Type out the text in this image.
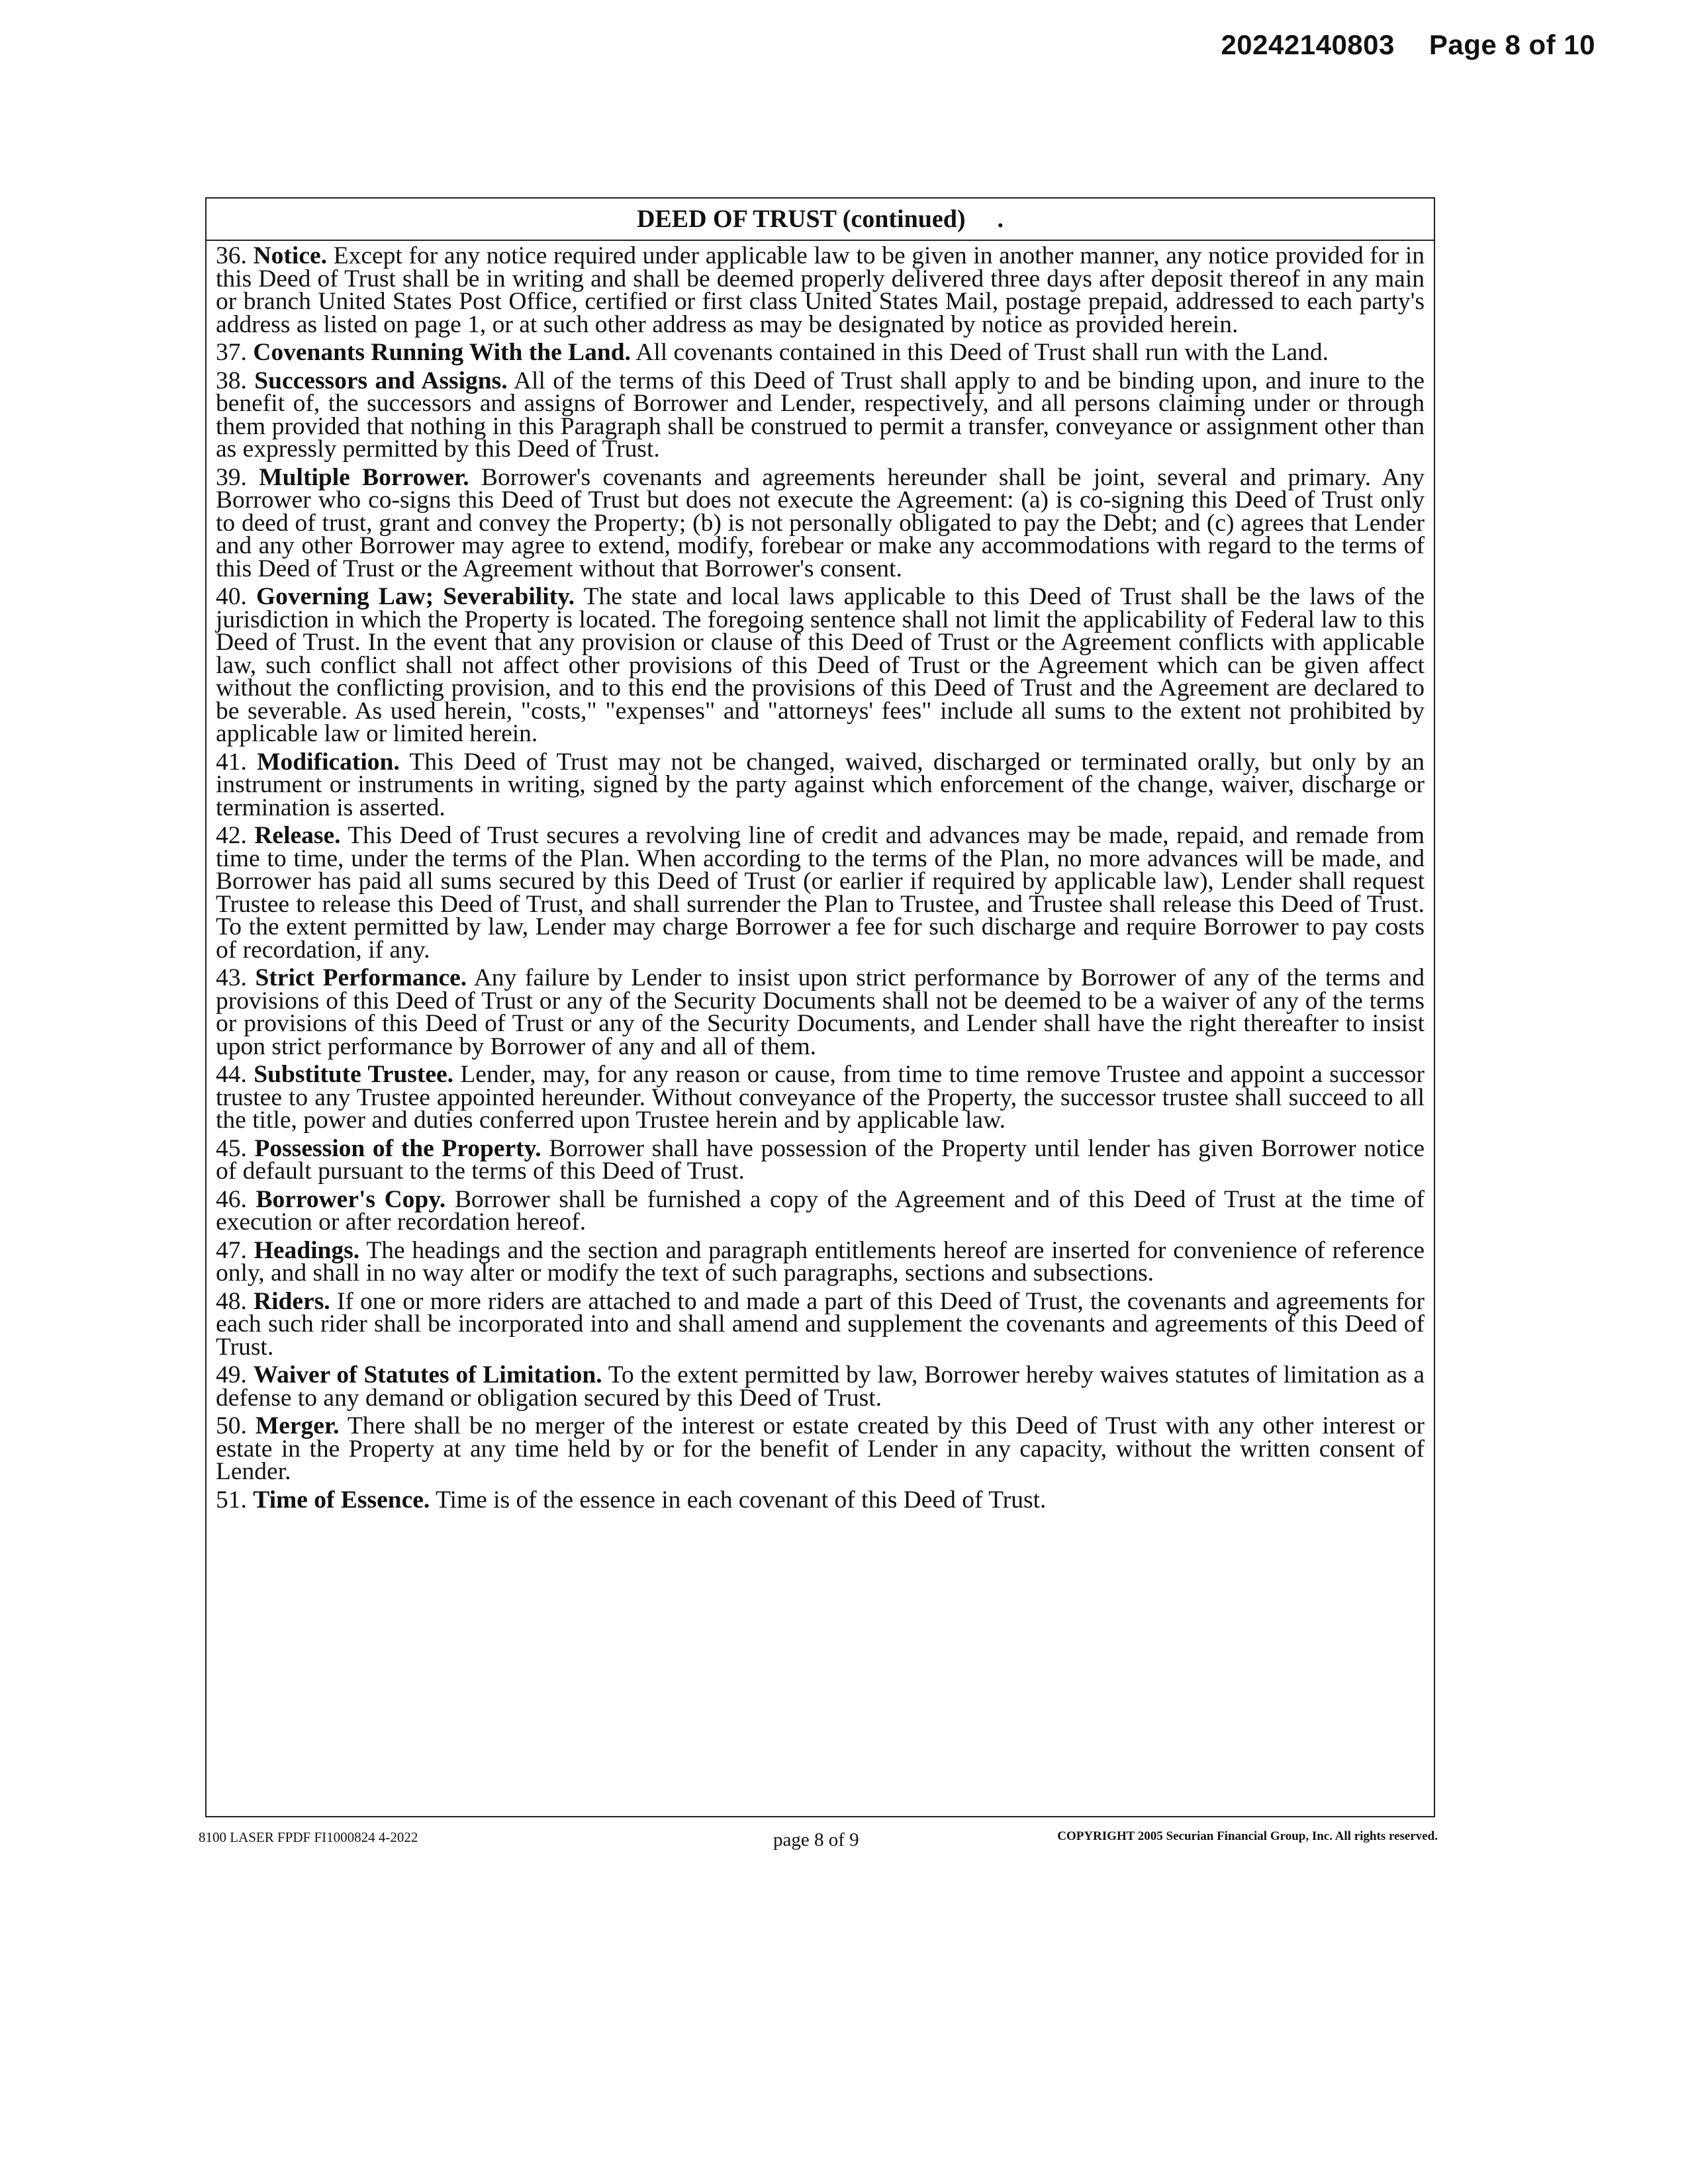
20242140803 Page 8 of 10
DEED OF TRUST (continued) .

36. Notice. Except for any notice required under applicable law to be given in another manner, any notice provided for in this Deed of Trust shall be in writing and shall be deemed properly delivered three days after deposit thereof in any main or branch United States Post Office, certified or first class United States Mail, postage prepaid, addressed to each party's address as listed on page 1, or at such other address as may be designated by notice as provided herein.

37. Covenants Running With the Land. All covenants contained in this Deed of Trust shall run with the Land.

38. Successors and Assigns. All of the terms of this Deed of Trust shall apply to and be binding upon, and inure to the benefit of, the successors and assigns of Borrower and Lender, respectively, and all persons claiming under or through them provided that nothing in this Paragraph shall be construed to permit a transfer, conveyance or assignment other than as expressly permitted by this Deed of Trust.

39. Multiple Borrower. Borrower's covenants and agreements hereunder shall be joint, several and primary. Any Borrower who co-signs this Deed of Trust but does not execute the Agreement: (a) is co-signing this Deed of Trust only to deed of trust, grant and convey the Property; (b) is not personally obligated to pay the Debt; and (c) agrees that Lender and any other Borrower may agree to extend, modify, forebear or make any accommodations with regard to the terms of this Deed of Trust or the Agreement without that Borrower's consent.

40. Governing Law; Severability. The state and local laws applicable to this Deed of Trust shall be the laws of the jurisdiction in which the Property is located. The foregoing sentence shall not limit the applicability of Federal law to this Deed of Trust. In the event that any provision or clause of this Deed of Trust or the Agreement conflicts with applicable law, such conflict shall not affect other provisions of this Deed of Trust or the Agreement which can be given affect without the conflicting provision, and to this end the provisions of this Deed of Trust and the Agreement are declared to be severable. As used herein, "costs," "expenses" and "attorneys' fees" include all sums to the extent not prohibited by applicable law or limited herein.

41. Modification. This Deed of Trust may not be changed, waived, discharged or terminated orally, but only by an instrument or instruments in writing, signed by the party against which enforcement of the change, waiver, discharge or termination is asserted.

42. Release. This Deed of Trust secures a revolving line of credit and advances may be made, repaid, and remade from time to time, under the terms of the Plan. When according to the terms of the Plan, no more advances will be made, and Borrower has paid all sums secured by this Deed of Trust (or earlier if required by applicable law), Lender shall request Trustee to release this Deed of Trust, and shall surrender the Plan to Trustee, and Trustee shall release this Deed of Trust. To the extent permitted by law, Lender may charge Borrower a fee for such discharge and require Borrower to pay costs of recordation, if any.

43. Strict Performance. Any failure by Lender to insist upon strict performance by Borrower of any of the terms and provisions of this Deed of Trust or any of the Security Documents shall not be deemed to be a waiver of any of the terms or provisions of this Deed of Trust or any of the Security Documents, and Lender shall have the right thereafter to insist upon strict performance by Borrower of any and all of them.

44. Substitute Trustee. Lender, may, for any reason or cause, from time to time remove Trustee and appoint a successor trustee to any Trustee appointed hereunder. Without conveyance of the Property, the successor trustee shall succeed to all the title, power and duties conferred upon Trustee herein and by applicable law.

45. Possession of the Property. Borrower shall have possession of the Property until lender has given Borrower notice of default pursuant to the terms of this Deed of Trust.

46. Borrower's Copy. Borrower shall be furnished a copy of the Agreement and of this Deed of Trust at the time of execution or after recordation hereof.

47. Headings. The headings and the section and paragraph entitlements hereof are inserted for convenience of reference only, and shall in no way alter or modify the text of such paragraphs, sections and subsections.

48. Riders. If one or more riders are attached to and made a part of this Deed of Trust, the covenants and agreements for each such rider shall be incorporated into and shall amend and supplement the covenants and agreements of this Deed of Trust.

49. Waiver of Statutes of Limitation. To the extent permitted by law, Borrower hereby waives statutes of limitation as a defense to any demand or obligation secured by this Deed of Trust.

50. Merger. There shall be no merger of the interest or estate created by this Deed of Trust with any other interest or estate in the Property at any time held by or for the benefit of Lender in any capacity, without the written consent of Lender.

51. Time of Essence. Time is of the essence in each covenant of this Deed of Trust.

8100 LASER FPDF FI1000824 4-2022	page 8 of 9	COPYRIGHT 2005 Securian Financial Group, Inc. All rights reserved.
